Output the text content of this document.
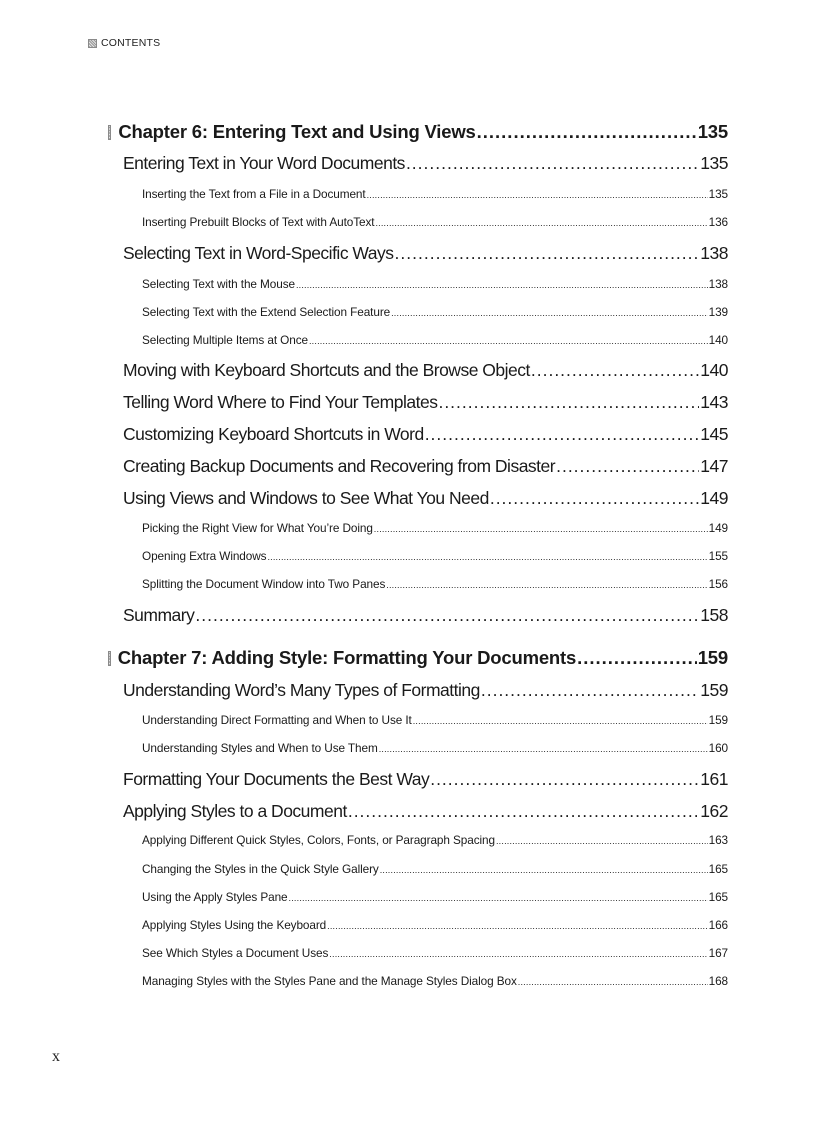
CONTENTS
Chapter 6: Entering Text and Using Views .....	135
Entering Text in Your Word Documents .....	135
Inserting the Text from a File in a Document .....	135
Inserting Prebuilt Blocks of Text with AutoText .....	136
Selecting Text in Word-Specific Ways .....	138
Selecting Text with the Mouse .....	138
Selecting Text with the Extend Selection Feature .....	139
Selecting Multiple Items at Once .....	140
Moving with Keyboard Shortcuts and the Browse Object .....	140
Telling Word Where to Find Your Templates .....	143
Customizing Keyboard Shortcuts in Word .....	145
Creating Backup Documents and Recovering from Disaster .....	147
Using Views and Windows to See What You Need .....	149
Picking the Right View for What You’re Doing .....	149
Opening Extra Windows .....	155
Splitting the Document Window into Two Panes .....	156
Summary .....	158
Chapter 7: Adding Style: Formatting Your Documents .....	159
Understanding Word’s Many Types of Formatting .....	159
Understanding Direct Formatting and When to Use It .....	159
Understanding Styles and When to Use Them .....	160
Formatting Your Documents the Best Way .....	161
Applying Styles to a Document .....	162
Applying Different Quick Styles, Colors, Fonts, or Paragraph Spacing .....	163
Changing the Styles in the Quick Style Gallery .....	165
Using the Apply Styles Pane .....	165
Applying Styles Using the Keyboard .....	166
See Which Styles a Document Uses .....	167
Managing Styles with the Styles Pane and the Manage Styles Dialog Box .....	168
x
